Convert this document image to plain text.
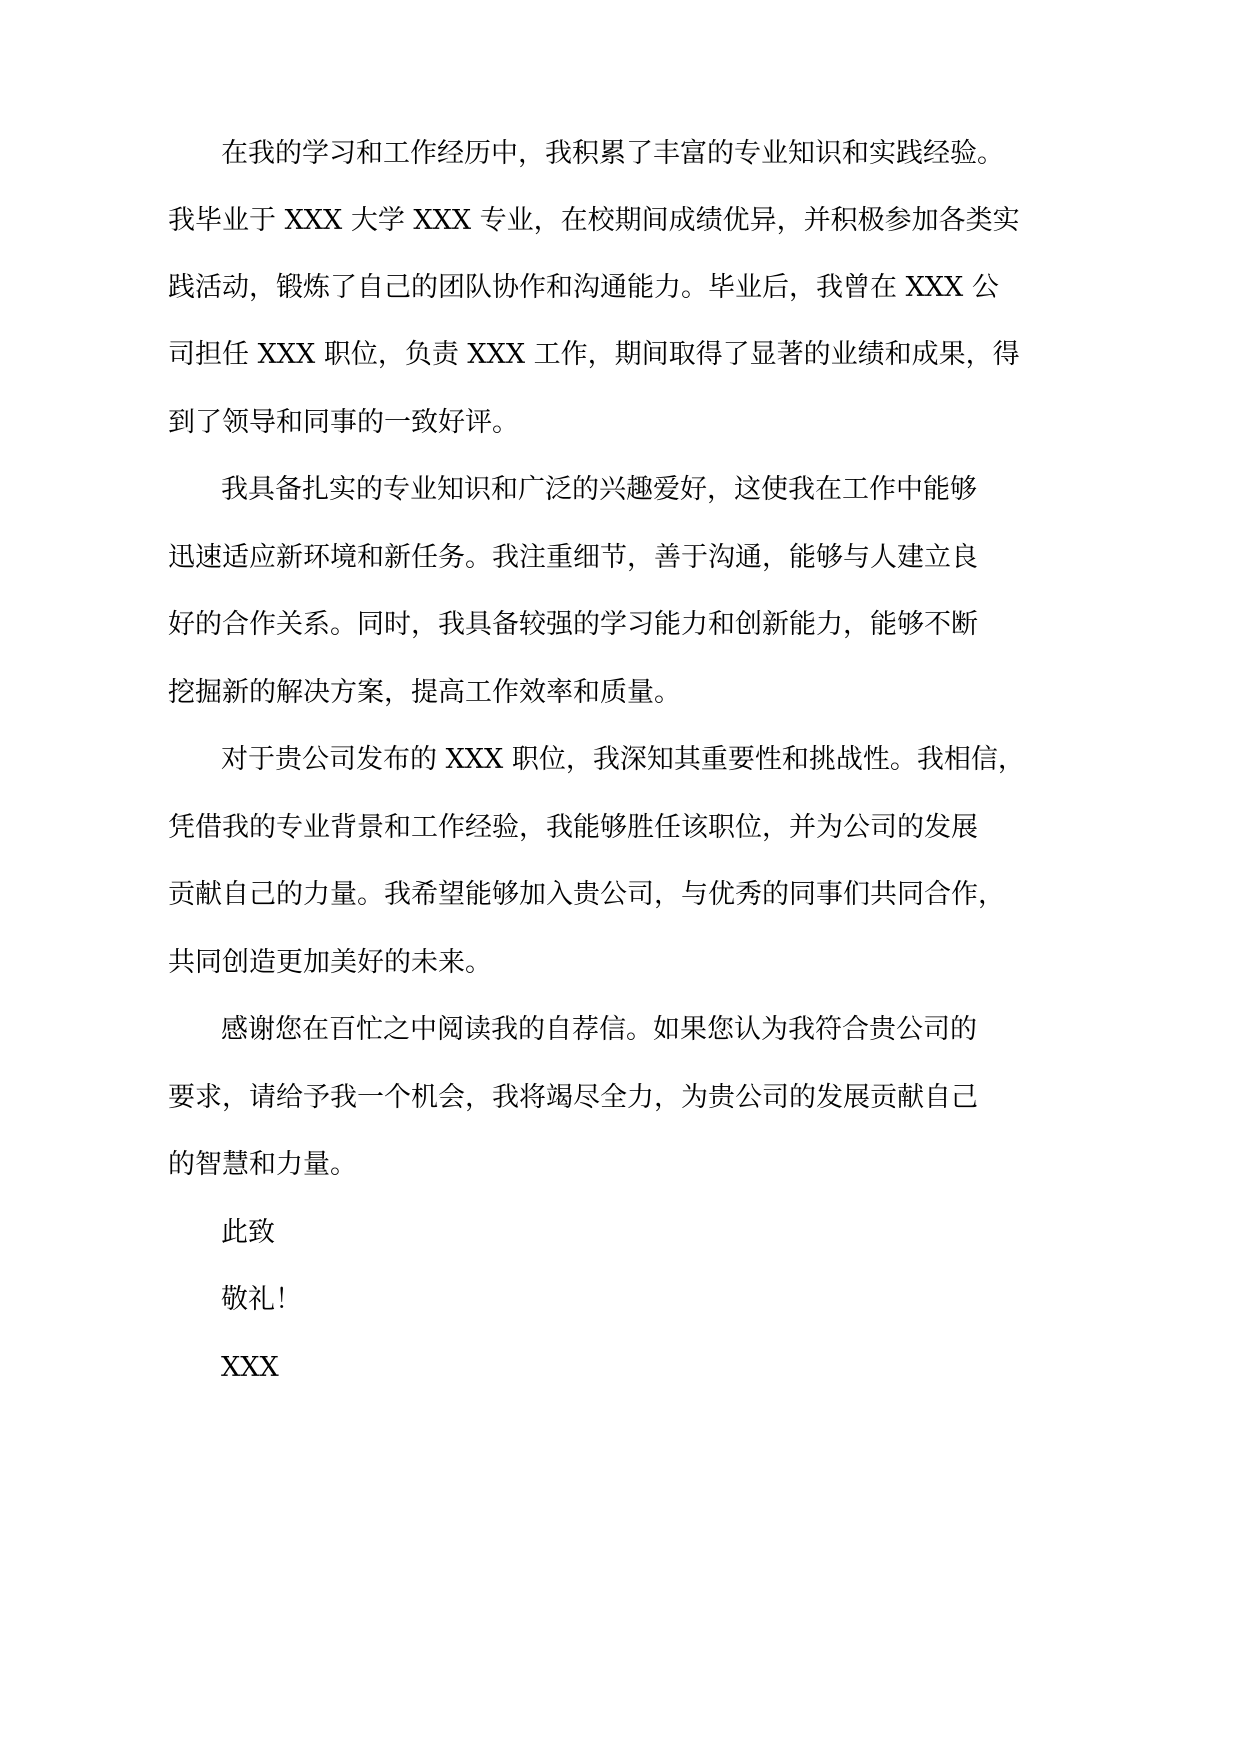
在我的学习和工作经历中，我积累了丰富的专业知识和实践经验。

我毕业于 XXX 大学 XXX 专业，在校期间成绩优异，并积极参加各类实

践活动，锻炼了自己的团队协作和沟通能力。毕业后，我曾在 XXX 公

司担任 XXX 职位，负责 XXX 工作，期间取得了显著的业绩和成果，得

到了领导和同事的一致好评。

我具备扎实的专业知识和广泛的兴趣爱好，这使我在工作中能够

迅速适应新环境和新任务。我注重细节，善于沟通，能够与人建立良

好的合作关系。同时，我具备较强的学习能力和创新能力，能够不断

挖掘新的解决方案，提高工作效率和质量。

对于贵公司发布的 XXX 职位，我深知其重要性和挑战性。我相信，

凭借我的专业背景和工作经验，我能够胜任该职位，并为公司的发展

贡献自己的力量。我希望能够加入贵公司，与优秀的同事们共同合作，

共同创造更加美好的未来。

感谢您在百忙之中阅读我的自荐信。如果您认为我符合贵公司的

要求，请给予我一个机会，我将竭尽全力，为贵公司的发展贡献自己

的智慧和力量。

此致

敬礼！

XXX
